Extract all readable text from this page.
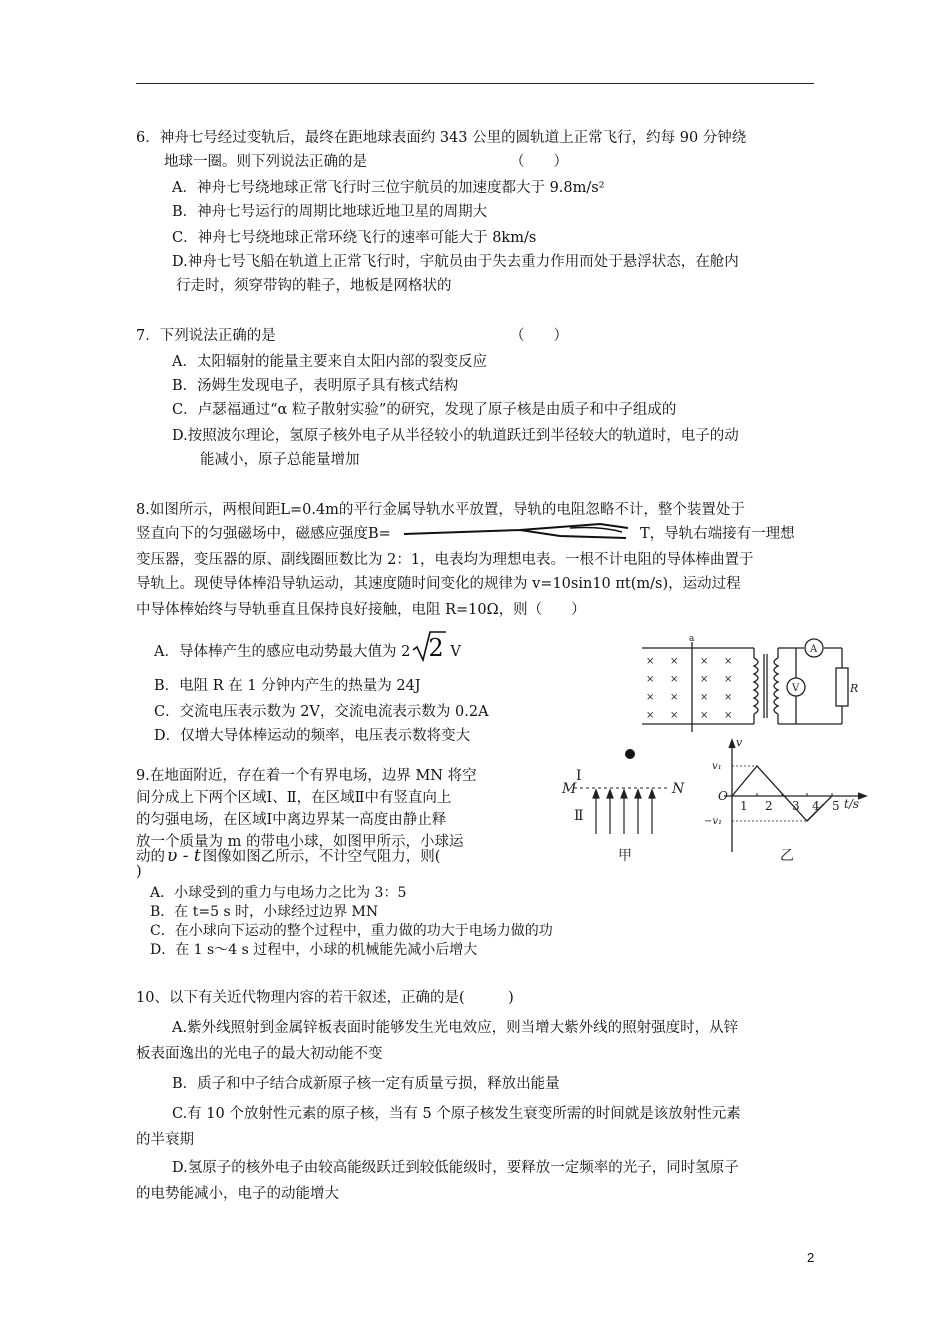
6．神舟七号经过变轨后，最终在距地球表面约 343 公里的圆轨道上正常飞行，约每 90 分钟绕
地球一圈。则下列说法正确的是	（　　）
A．神舟七号绕地球正常飞行时三位宇航员的加速度都大于 9.8m/s²
B．神舟七号运行的周期比地球近地卫星的周期大
C．神舟七号绕地球正常环绕飞行的速率可能大于 8km/s
D.神舟七号飞船在轨道上正常飞行时，宇航员由于失去重力作用而处于悬浮状态，在舱内
行走时，须穿带钩的鞋子，地板是网格状的
7．下列说法正确的是	（　　）
A．太阳辐射的能量主要来自太阳内部的裂变反应
B．汤姆生发现电子，表明原子具有核式结构
C．卢瑟福通过“α 粒子散射实验”的研究，发现了原子核是由质子和中子组成的
D.按照波尔理论，氢原子核外电子从半径较小的轨道跃迁到半径较大的轨道时，电子的动
能减小，原子总能量增加
8.如图所示，两根间距L=0.4m的平行金属导轨水平放置，导轨的电阻忽略不计，整个装置处于
竖直向下的匀强磁场中，磁感应强度B=	T，导轨右端接有一理想
变压器，变压器的原、副线圈匝数比为 2：1，电表均为理想电表。一根不计电阻的导体棒曲置于
导轨上。现使导体棒沿导轨运动，其速度随时间变化的规律为 v=10sin10 πt(m/s)，运动过程
中导体棒始终与导轨垂直且保持良好接触，电阻 R=10Ω，则（　　）
A．导体棒产生的感应电动势最大值为 2 2 V
B．电阻 R 在 1 分钟内产生的热量为 24J
C．交流电压表示数为 2V，交流电流表示数为 0.2A
D．仅增大导体棒运动的频率，电压表示数将变大
× × × ×
× × × ×
× × × ×
× × × ×
a
A
V	R
9.在地面附近，存在着一个有界电场，边界 MN 将空
间分成上下两个区域Ⅰ、Ⅱ，在区域Ⅱ中有竖直向上
的匀强电场，在区域Ⅰ中离边界某一高度由静止释
放一个质量为 m 的带电小球，如图甲所示，小球运
动的 υ - t 图像如图乙所示，不计空气阻力，则(
)
A．小球受到的重力与电场力之比为 3：5
B．在 t=5 s 时，小球经过边界 MN
C．在小球向下运动的整个过程中，重力做的功大于电场力做的功
D．在 1 s～4 s 过程中，小球的机械能先减小后增大
Ⅰ
M	N
Ⅱ
甲
v
v₁
−v₁
O
1 2 3 4 5 t/s
乙
10、以下有关近代物理内容的若干叙述，正确的是(　　　)
A.紫外线照射到金属锌板表面时能够发生光电效应，则当增大紫外线的照射强度时，从锌
板表面逸出的光电子的最大初动能不变
B．质子和中子结合成新原子核一定有质量亏损，释放出能量
C.有 10 个放射性元素的原子核，当有 5 个原子核发生衰变所需的时间就是该放射性元素
的半衰期
D.氢原子的核外电子由较高能级跃迁到较低能级时，要释放一定频率的光子，同时氢原子
的电势能减小，电子的动能增大
2
